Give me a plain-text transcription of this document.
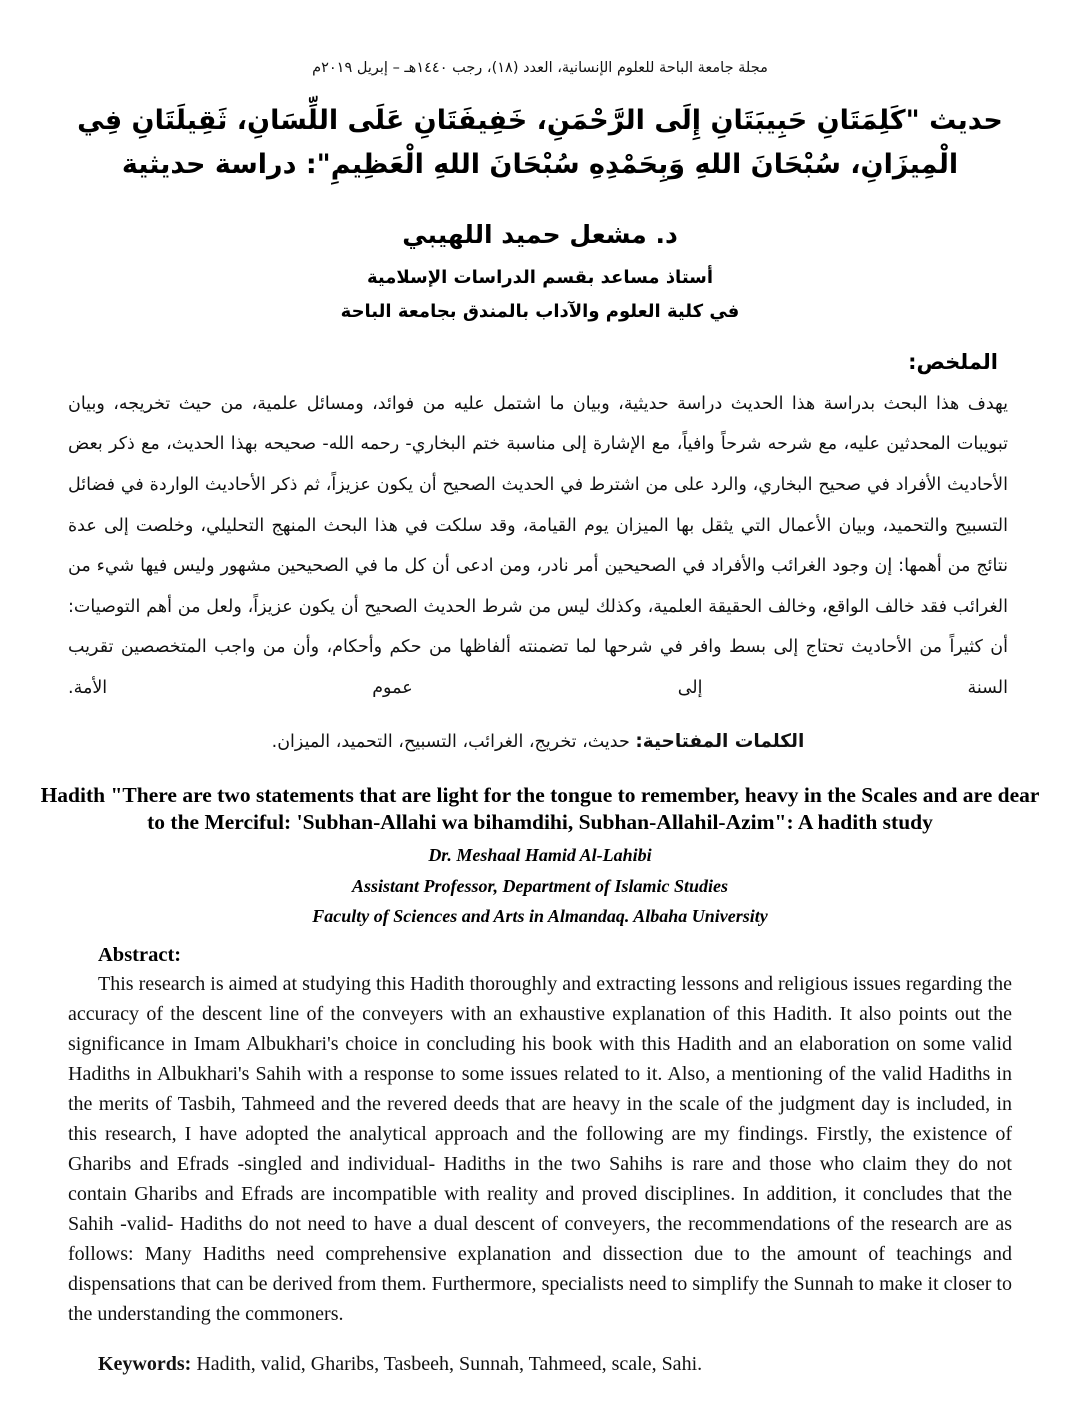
مجلة جامعة الباحة للعلوم الإنسانية، العدد (١٨)، رجب ١٤٤٠هـ – إبريل ٢٠١٩م
حديث "كَلِمَتَانِ حَبِيبَتَانِ إِلَى الرَّحْمَنِ، خَفِيفَتَانِ عَلَى اللِّسَانِ، ثَقِيلَتَانِ فِي الْمِيزَانِ، سُبْحَانَ اللهِ وَبِحَمْدِهِ سُبْحَانَ اللهِ الْعَظِيمِ": دراسة حديثية
د. مشعل حميد اللهيبي
أستاذ مساعد بقسم الدراسات الإسلامية
في كلية العلوم والآداب بالمندق بجامعة الباحة
الملخص:
يهدف هذا البحث بدراسة هذا الحديث دراسة حديثية، وبيان ما اشتمل عليه من فوائد، ومسائل علمية، من حيث تخريجه، وبيان تبويبات المحدثين عليه، مع شرحه شرحاً وافياً، مع الإشارة إلى مناسبة ختم البخاري- رحمه الله- صحيحه بهذا الحديث، مع ذكر بعض الأحاديث الأفراد في صحيح البخاري، والرد على من اشترط في الحديث الصحيح أن يكون عزيزاً، ثم ذكر الأحاديث الواردة في فضائل التسبيح والتحميد، وبيان الأعمال التي يثقل بها الميزان يوم القيامة، وقد سلكت في هذا البحث المنهج التحليلي، وخلصت إلى عدة نتائج من أهمها: إن وجود الغرائب والأفراد في الصحيحين أمر نادر، ومن ادعى أن كل ما في الصحيحين مشهور وليس فيها شيء من الغرائب فقد خالف الواقع، وخالف الحقيقة العلمية، وكذلك ليس من شرط الحديث الصحيح أن يكون عزيزاً، ولعل من أهم التوصيات: أن كثيراً من الأحاديث تحتاج إلى بسط وافر في شرحها لما تضمنته ألفاظها من حكم وأحكام، وأن من واجب المتخصصين تقريب السنة إلى عموم الأمة.
الكلمات المفتاحية: حديث، تخريج، الغرائب، التسبيح، التحميد، الميزان.
Hadith "There are two statements that are light for the tongue to remember, heavy in the Scales and are dear to the Merciful: 'Subhan-Allahi wa bihamdihi, Subhan-Allahil-Azim": A hadith study
Dr. Meshaal Hamid Al-Lahibi
Assistant Professor, Department of Islamic Studies
Faculty of Sciences and Arts in Almandaq. Albaha University
Abstract:
This research is aimed at studying this Hadith thoroughly and extracting lessons and religious issues regarding the accuracy of the descent line of the conveyers with an exhaustive explanation of this Hadith. It also points out the significance in Imam Albukhari's choice in concluding his book with this Hadith and an elaboration on some valid Hadiths in Albukhari's Sahih with a response to some issues related to it. Also, a mentioning of the valid Hadiths in the merits of Tasbih, Tahmeed and the revered deeds that are heavy in the scale of the judgment day is included, in this research, I have adopted the analytical approach and the following are my findings. Firstly, the existence of Gharibs and Efrads -singled and individual- Hadiths in the two Sahihs is rare and those who claim they do not contain Gharibs and Efrads are incompatible with reality and proved disciplines. In addition, it concludes that the Sahih -valid- Hadiths do not need to have a dual descent of conveyers, the recommendations of the research are as follows: Many Hadiths need comprehensive explanation and dissection due to the amount of teachings and dispensations that can be derived from them. Furthermore, specialists need to simplify the Sunnah to make it closer to the understanding the commoners.
Keywords: Hadith, valid, Gharibs, Tasbeeh, Sunnah, Tahmeed, scale, Sahi.
